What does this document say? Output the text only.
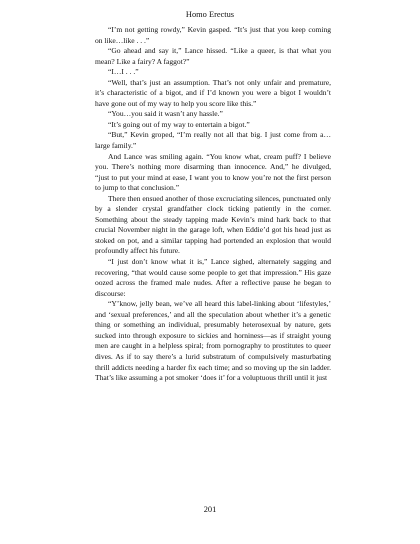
Homo Erectus

“I’m not getting rowdy,” Kevin gasped. “It’s just that you keep coming on like…like . . .”

“Go ahead and say it,” Lance hissed. “Like a queer, is that what you mean? Like a fairy? A faggot?”

“I…I . . .”

“Well, that’s just an assumption. That’s not only unfair and premature, it’s characteristic of a bigot, and if I’d known you were a bigot I wouldn’t have gone out of my way to help you score like this.”

“You…you said it wasn’t any hassle.”

“It’s going out of my way to entertain a bigot.”

“But,” Kevin groped, “I’m really not all that big. I just come from a…large family.”

And Lance was smiling again. “You know what, cream puff? I believe you. There’s nothing more disarming than innocence. And,” he divulged, “just to put your mind at ease, I want you to know you’re not the first person to jump to that conclusion.”

There then ensued another of those excruciating silences, punctuated only by a slender crystal grandfather clock ticking patiently in the corner. Something about the steady tapping made Kevin’s mind hark back to that crucial November night in the garage loft, when Eddie’d got his head just as stoked on pot, and a similar tapping had portended an explosion that would profoundly affect his future.

“I just don’t know what it is,” Lance sighed, alternately sagging and recovering, “that would cause some people to get that impression.” His gaze oozed across the framed male nudes. After a reflective pause he began to discourse:

“Y’know, jelly bean, we’ve all heard this label-linking about ‘lifestyles,’ and ‘sexual preferences,’ and all the speculation about whether it’s a genetic thing or something an individual, presumably heterosexual by nature, gets sucked into through exposure to sickies and horniness—as if straight young men are caught in a helpless spiral; from pornography to prostitutes to queer dives. As if to say there’s a lurid substratum of compulsively masturbating thrill addicts needing a harder fix each time; and so moving up the sin ladder. That’s like assuming a pot smoker ‘does it’ for a voluptuous thrill until it just

201
